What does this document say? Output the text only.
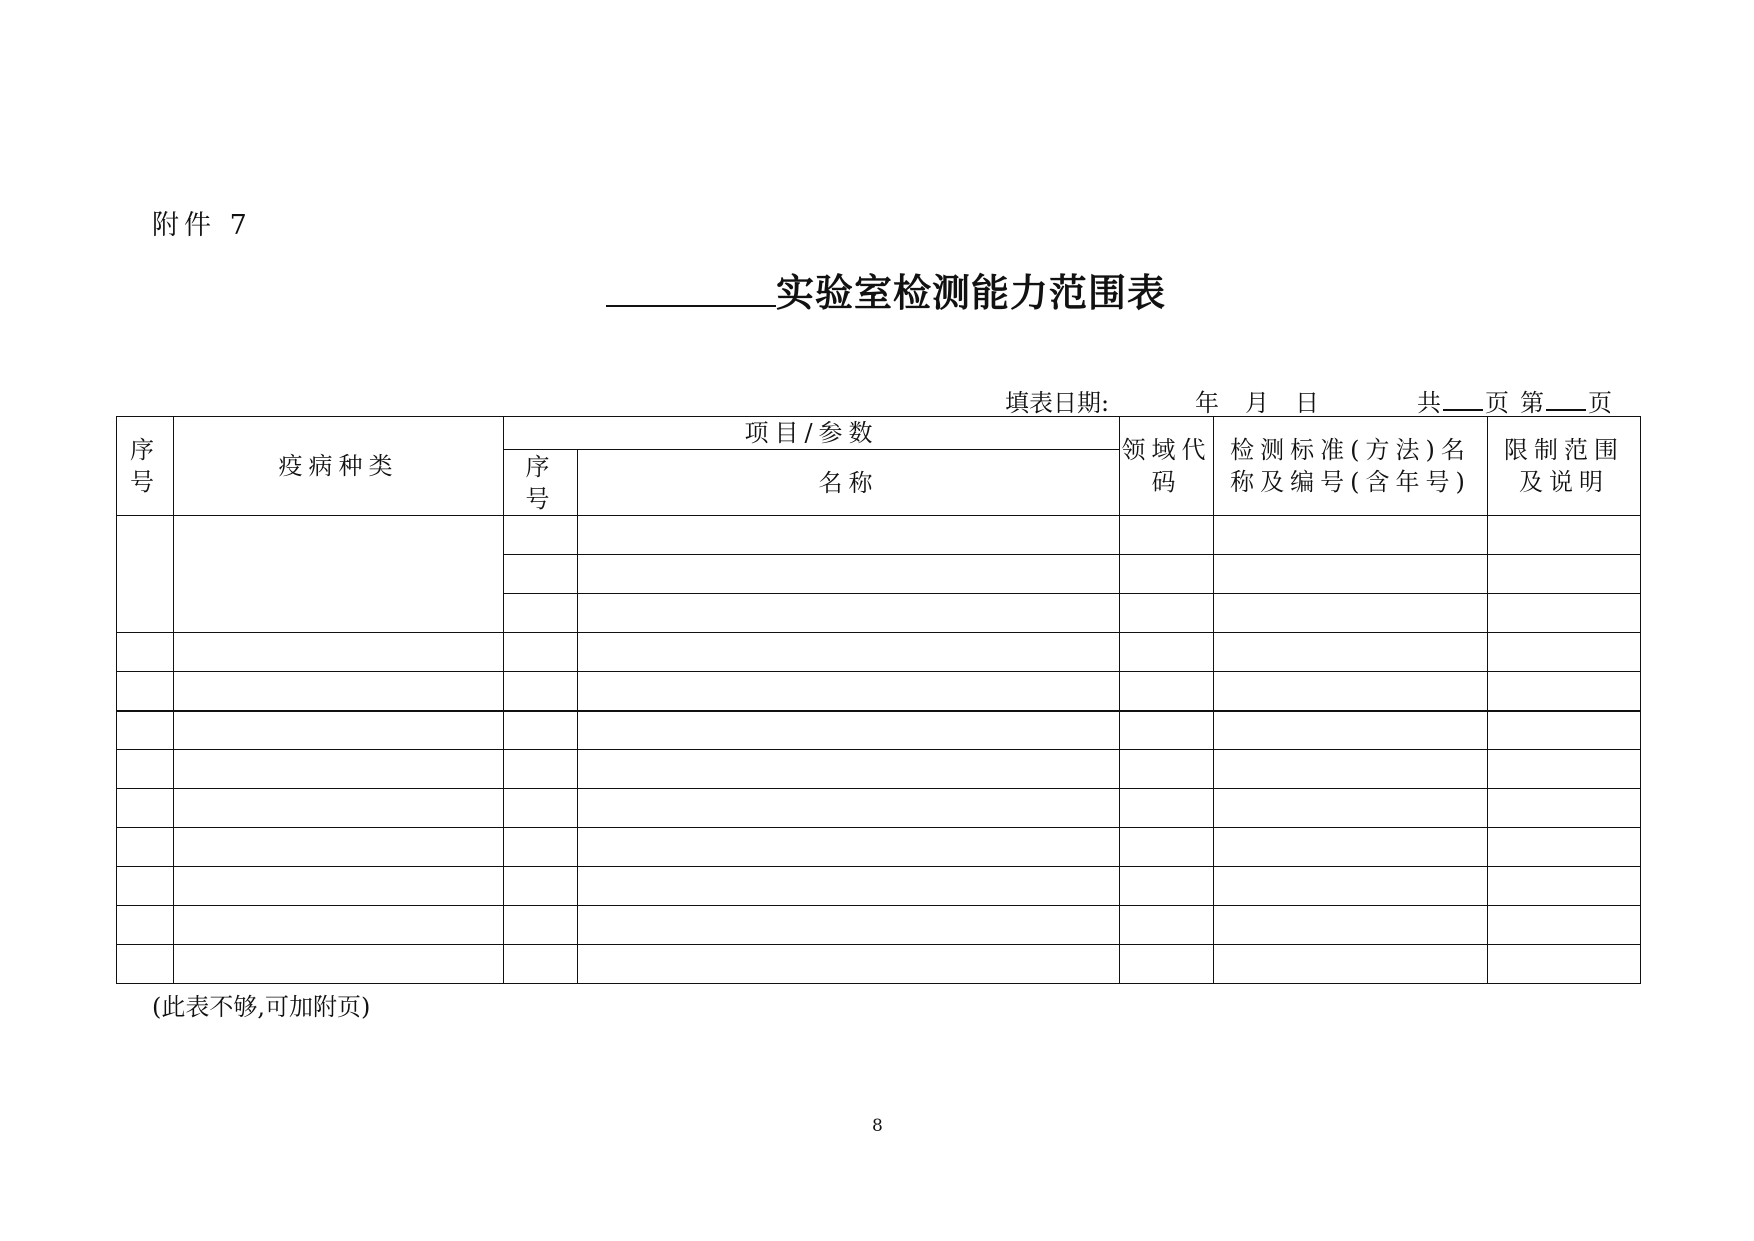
附件 7
实验室检测能力范围表
填表日期:	年 月 日	共 页 第 页
序号	疫病种类	项目/参数		领域代码	检测标准(方法)名称及编号(含年号)	限制范围及说明
		序号	名称			

(此表不够,可加附页)
8
